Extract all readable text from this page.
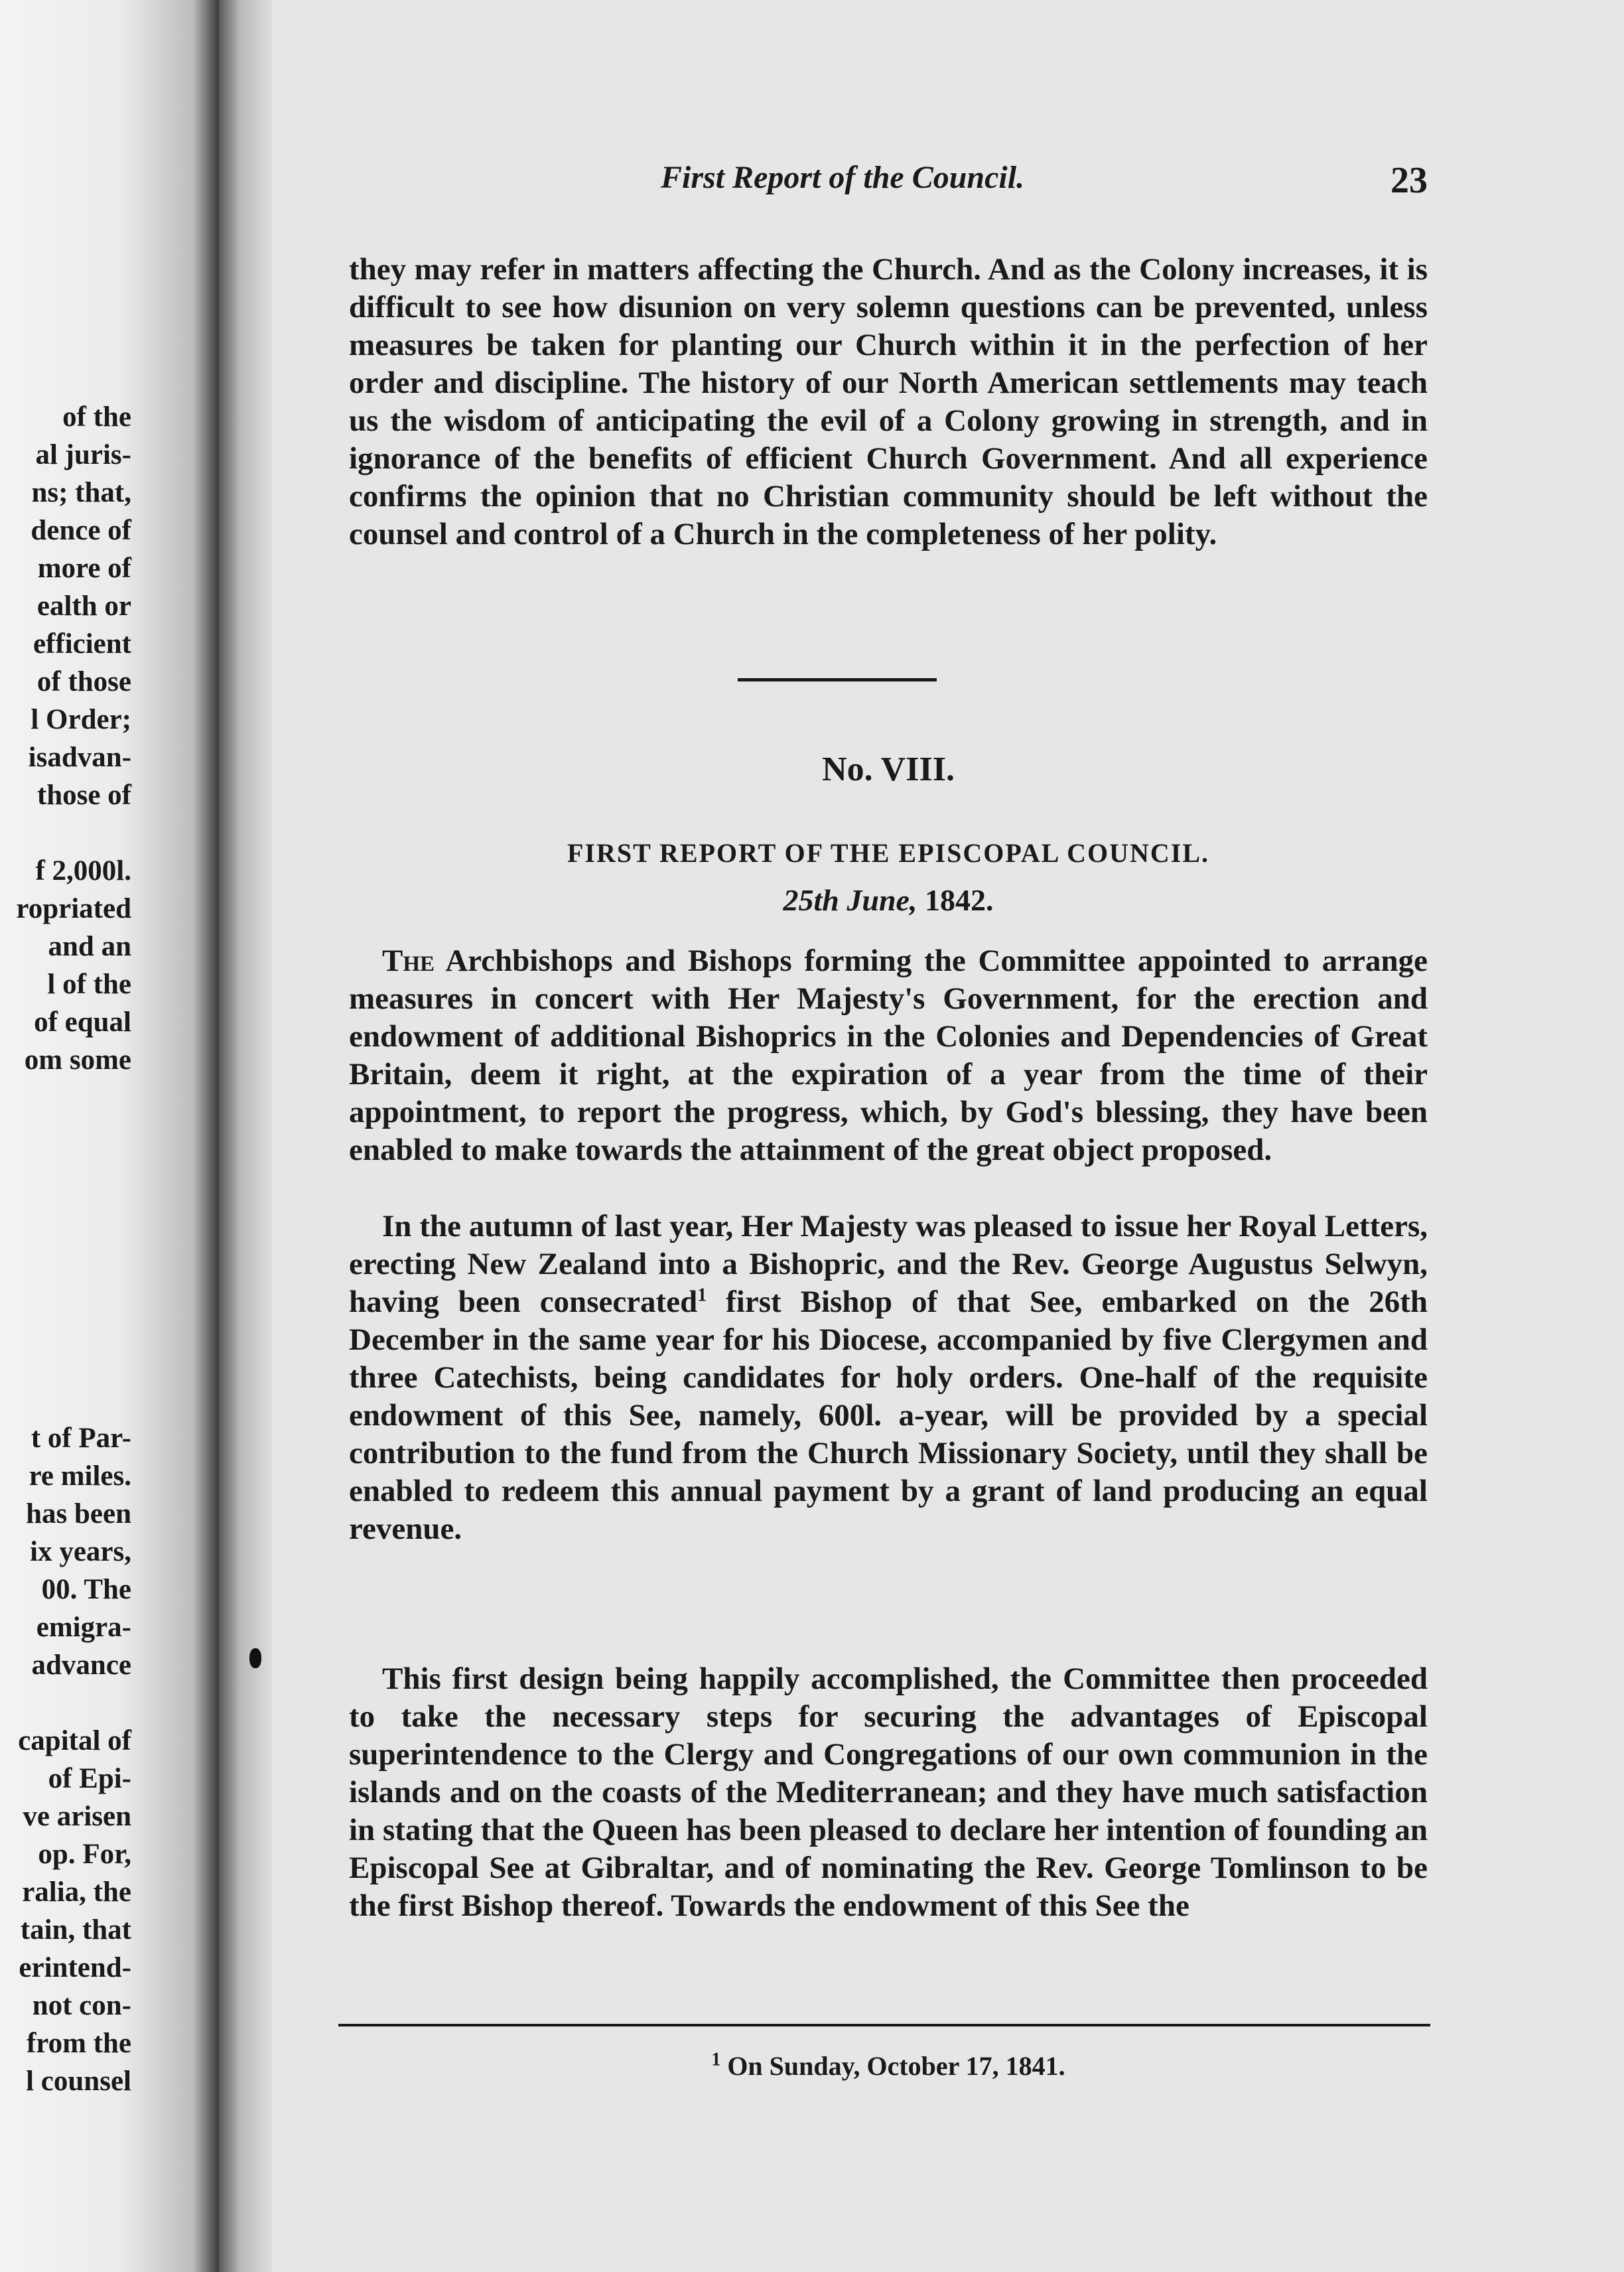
of the
al juris-
ns; that,
dence of
more of
ealth or
efficient
of those
l Order;
isadvan-
those of
f 2,000l.
ropriated
and an
l of the
of equal
om some
t of Par-
re miles.
has been
ix years,
00. The
emigra-
advance
capital of
of Epi-
ve arisen
op. For,
ralia, the
tain, that
erintend-
not con-
from the
l counsel
First Report of the Council.	23

they may refer in matters affecting the Church. And as the Colony increases, it is difficult to see how disunion on very solemn questions can be prevented, unless measures be taken for planting our Church within it in the perfection of her order and discipline. The history of our North American settlements may teach us the wisdom of anticipating the evil of a Colony growing in strength, and in ignorance of the benefits of efficient Church Government. And all experience confirms the opinion that no Christian community should be left without the counsel and control of a Church in the completeness of her polity.

No. VIII.
FIRST REPORT OF THE EPISCOPAL COUNCIL.
25th June, 1842.

The Archbishops and Bishops forming the Committee appointed to arrange measures in concert with Her Majesty's Government, for the erection and endowment of additional Bishoprics in the Colonies and Dependencies of Great Britain, deem it right, at the expiration of a year from the time of their appointment, to report the progress, which, by God's blessing, they have been enabled to make towards the attainment of the great object proposed.

In the autumn of last year, Her Majesty was pleased to issue her Royal Letters, erecting New Zealand into a Bishopric, and the Rev. George Augustus Selwyn, having been consecrated$^1$ first Bishop of that See, embarked on the 26th December in the same year for his Diocese, accompanied by five Clergymen and three Catechists, being candidates for holy orders. One-half of the requisite endowment of this See, namely, 600l. a-year, will be provided by a special contribution to the fund from the Church Missionary Society, until they shall be enabled to redeem this annual payment by a grant of land producing an equal revenue.

This first design being happily accomplished, the Committee then proceeded to take the necessary steps for securing the advantages of Episcopal superintendence to the Clergy and Congregations of our own communion in the islands and on the coasts of the Mediterranean; and they have much satisfaction in stating that the Queen has been pleased to declare her intention of founding an Episcopal See at Gibraltar, and of nominating the Rev. George Tomlinson to be the first Bishop thereof. Towards the endowment of this See the

$^1$ On Sunday, October 17, 1841.
